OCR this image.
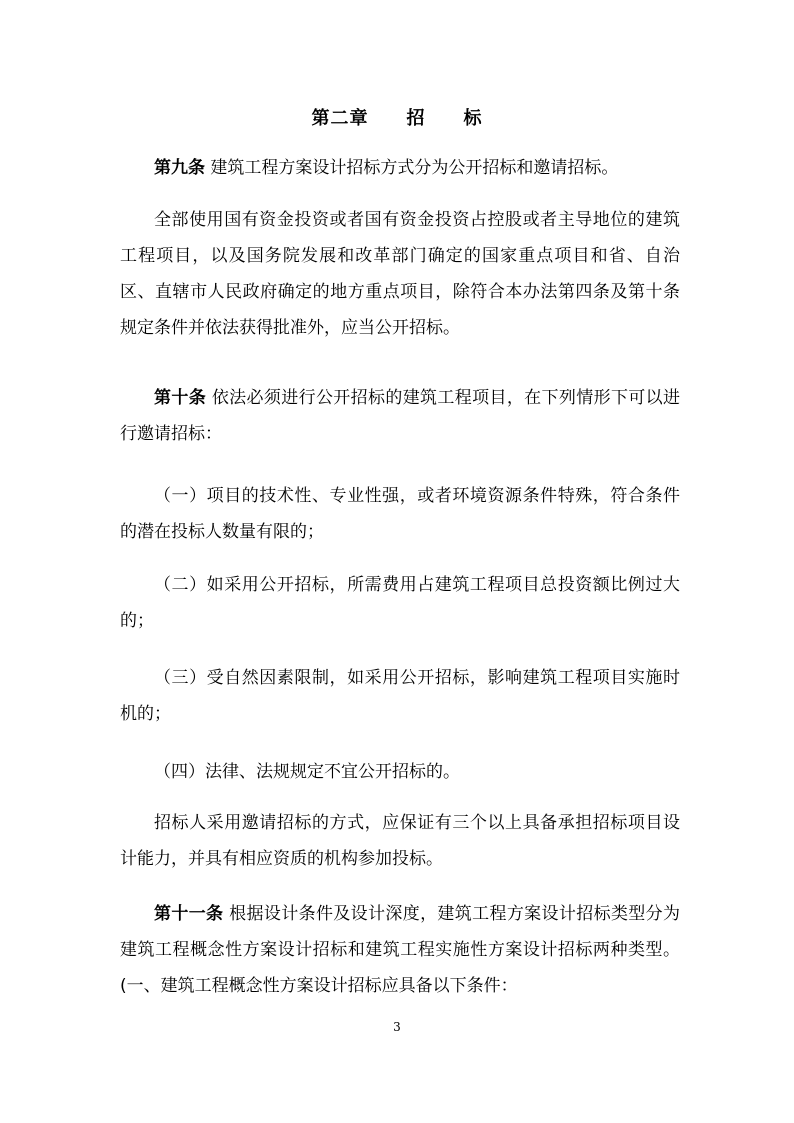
第二章　　招　　标

第九条 建筑工程方案设计招标方式分为公开招标和邀请招标。

全部使用国有资金投资或者国有资金投资占控股或者主导地位的建筑工程项目，以及国务院发展和改革部门确定的国家重点项目和省、自治区、直辖市人民政府确定的地方重点项目，除符合本办法第四条及第十条规定条件并依法获得批准外，应当公开招标。

第十条 依法必须进行公开招标的建筑工程项目，在下列情形下可以进行邀请招标：

（一）项目的技术性、专业性强，或者环境资源条件特殊，符合条件的潜在投标人数量有限的；

（二）如采用公开招标，所需费用占建筑工程项目总投资额比例过大的；

（三）受自然因素限制，如采用公开招标，影响建筑工程项目实施时机的；

（四）法律、法规规定不宜公开招标的。

招标人采用邀请招标的方式，应保证有三个以上具备承担招标项目设计能力，并具有相应资质的机构参加投标。

第十一条 根据设计条件及设计深度，建筑工程方案设计招标类型分为建筑工程概念性方案设计招标和建筑工程实施性方案设计招标两种类型。(一、建筑工程概念性方案设计招标应具备以下条件：

3
